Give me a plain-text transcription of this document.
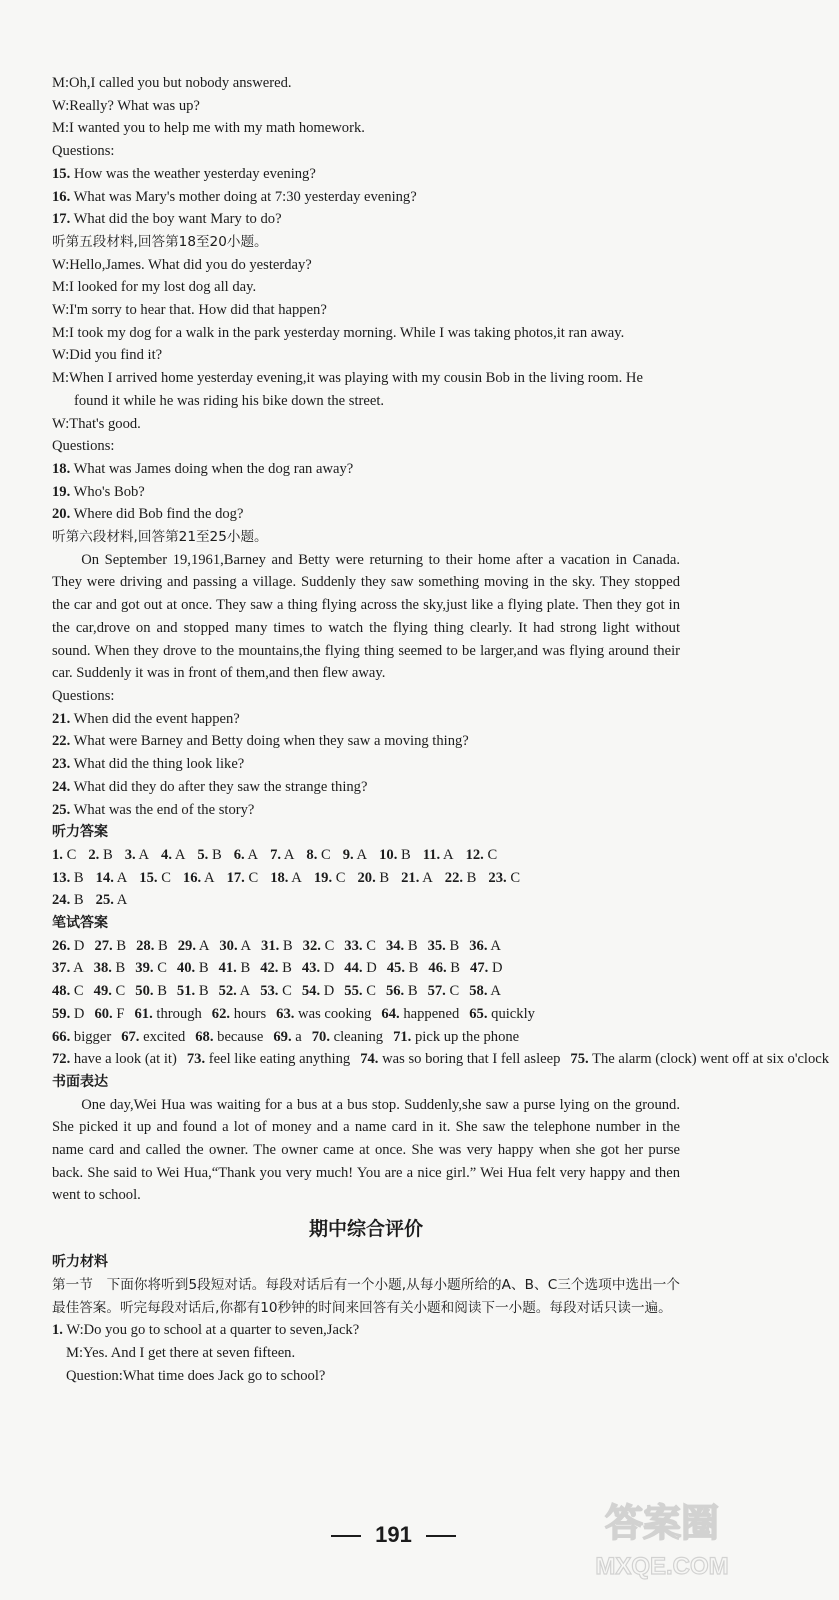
M:Oh,I called you but nobody answered.
W:Really? What was up?
M:I wanted you to help me with my math homework.
Questions:
15. How was the weather yesterday evening?
16. What was Mary's mother doing at 7:30 yesterday evening?
17. What did the boy want Mary to do?
听第五段材料,回答第18至20小题。
W:Hello,James. What did you do yesterday?
M:I looked for my lost dog all day.
W:I'm sorry to hear that. How did that happen?
M:I took my dog for a walk in the park yesterday morning. While I was taking photos,it ran away.
W:Did you find it?
M:When I arrived home yesterday evening,it was playing with my cousin Bob in the living room. He found it while he was riding his bike down the street.
W:That's good.
Questions:
18. What was James doing when the dog ran away?
19. Who's Bob?
20. Where did Bob find the dog?
听第六段材料,回答第21至25小题。
On September 19,1961,Barney and Betty were returning to their home after a vacation in Canada. They were driving and passing a village. Suddenly they saw something moving in the sky. They stopped the car and got out at once. They saw a thing flying across the sky,just like a flying plate. Then they got in the car,drove on and stopped many times to watch the flying thing clearly. It had strong light without sound. When they drove to the mountains,the flying thing seemed to be larger,and was flying around their car. Suddenly it was in front of them,and then flew away.
Questions:
21. When did the event happen?
22. What were Barney and Betty doing when they saw a moving thing?
23. What did the thing look like?
24. What did they do after they saw the strange thing?
25. What was the end of the story?
听力答案
1. C 2. B 3. A 4. A 5. B 6. A 7. A 8. C 9. A 10. B 11. A 12. C
13. B 14. A 15. C 16. A 17. C 18. A 19. C 20. B 21. A 22. B 23. C
24. B 25. A
笔试答案
26. D 27. B 28. B 29. A 30. A 31. B 32. C 33. C 34. B 35. B 36. A
37. A 38. B 39. C 40. B 41. B 42. B 43. D 44. D 45. B 46. B 47. D
48. C 49. C 50. B 51. B 52. A 53. C 54. D 55. C 56. B 57. C 58. A
59. D 60. F 61. through 62. hours 63. was cooking 64. happened 65. quickly
66. bigger 67. excited 68. because 69. a 70. cleaning 71. pick up the phone
72. have a look (at it) 73. feel like eating anything 74. was so boring that I fell asleep 75. The alarm (clock) went off at six o'clock
书面表达
One day,Wei Hua was waiting for a bus at a bus stop. Suddenly,she saw a purse lying on the ground. She picked it up and found a lot of money and a name card in it. She saw the telephone number in the name card and called the owner. The owner came at once. She was very happy when she got her purse back. She said to Wei Hua,“Thank you very much! You are a nice girl.” Wei Hua felt very happy and then went to school.
期中综合评价
听力材料
第一节　下面你将听到5段短对话。每段对话后有一个小题,从每小题所给的A、B、C三个选项中选出一个最佳答案。听完每段对话后,你都有10秒钟的时间来回答有关小题和阅读下一小题。每段对话只读一遍。
1. W:Do you go to school at a quarter to seven,Jack?
M:Yes. And I get there at seven fifteen.
Question:What time does Jack go to school?
答案圈
MXQE.COM
191
